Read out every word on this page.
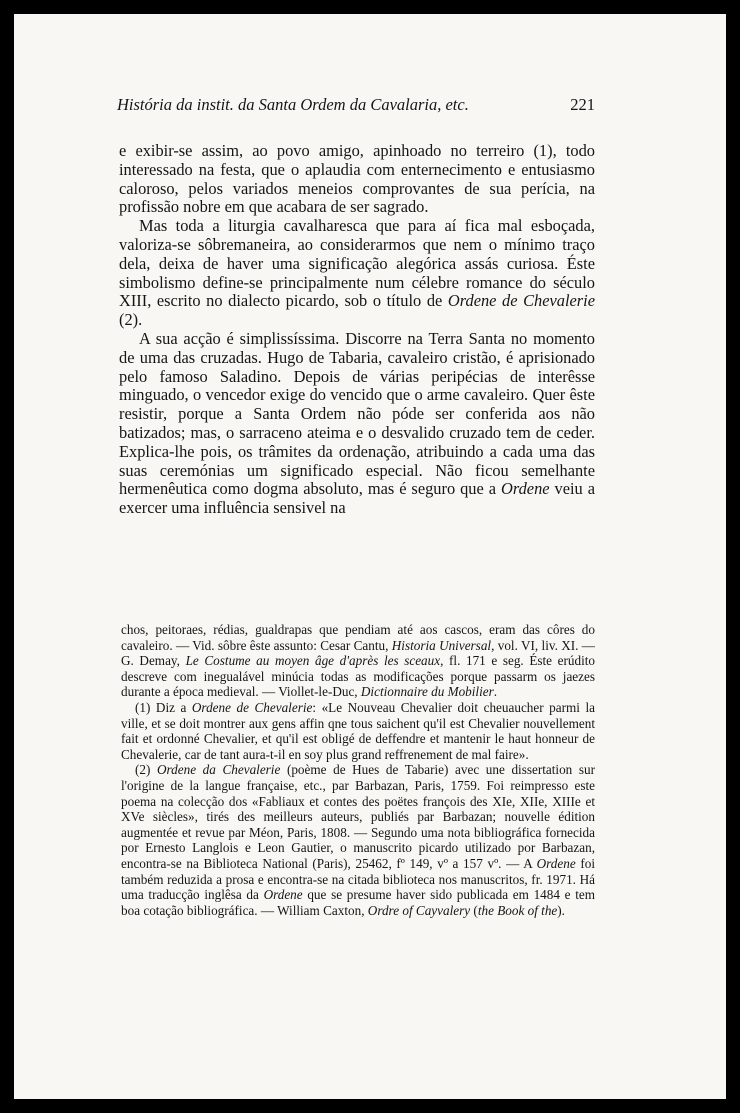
História da instit. da Santa Ordem da Cavalaria, etc.	221

e exibir-se assim, ao povo amigo, apinhoado no terreiro (1), todo interessado na festa, que o aplaudia com enternecimento e entusiasmo caloroso, pelos variados meneios comprovantes de sua perícia, na profissão nobre em que acabara de ser sagrado.

Mas toda a liturgia cavalharesca que para aí fica mal esboçada, valoriza-se sôbremaneira, ao considerarmos que nem o mínimo traço dela, deixa de haver uma significação alegórica assás curiosa. Éste simbolismo define-se principalmente num célebre romance do século XIII, escrito no dialecto picardo, sob o título de Ordene de Chevalerie (2).

A sua acção é simplissíssima. Discorre na Terra Santa no momento de uma das cruzadas. Hugo de Tabaria, cavaleiro cristão, é aprisionado pelo famoso Saladino. Depois de várias peripécias de interêsse minguado, o vencedor exige do vencido que o arme cavaleiro. Quer êste resistir, porque a Santa Ordem não póde ser conferida aos não batizados; mas, o sarraceno ateima e o desvalido cruzado tem de ceder. Explica-lhe pois, os trâmites da ordenação, atribuindo a cada uma das suas ceremónias um significado especial. Não ficou semelhante hermenêutica como dogma absoluto, mas é seguro que a Ordene veiu a exercer uma influência sensivel na

chos, peitoraes, rédias, gualdrapas que pendiam até aos cascos, eram das côres do cavaleiro. — Vid. sôbre êste assunto: Cesar Cantu, Historia Universal, vol. VI, liv. XI. — G. Demay, Le Costume au moyen âge d'après les sceaux, fl. 171 e seg. Éste erúdito descreve com inegualável minúcia todas as modificações porque passarm os jaezes durante a época medieval. — Viollet-le-Duc, Dictionnaire du Mobilier.

(1) Diz a Ordene de Chevalerie: «Le Nouveau Chevalier doit cheuaucher parmi la ville, et se doit montrer aux gens affin qne tous saichent qu'il est Chevalier nouvellement fait et ordonné Chevalier, et qu'il est obligé de deffendre et mantenir le haut honneur de Chevalerie, car de tant aura-t-il en soy plus grand reffrenement de mal faire».

(2) Ordene da Chevalerie (poème de Hues de Tabarie) avec une dissertation sur l'origine de la langue française, etc., par Barbazan, Paris, 1759. Foi reimpresso este poema na colecção dos «Fabliaux et contes des poëtes françois des XIe, XIIe, XIIIe et XVe siècles», tirés des meilleurs auteurs, publiés par Barbazan; nouvelle édition augmentée et revue par Méon, Paris, 1808. — Segundo uma nota bibliográfica fornecida por Ernesto Langlois e Leon Gautier, o manuscrito picardo utilizado por Barbazan, encontra-se na Biblioteca National (Paris), 25462, fº 149, vº a 157 vº. — A Ordene foi também reduzida a prosa e encontra-se na citada biblioteca nos manuscritos, fr. 1971. Há uma traducção inglêsa da Ordene que se presume haver sido publicada em 1484 e tem boa cotação bibliográfica. — William Caxton, Ordre of Cayvalery (the Book of the).
